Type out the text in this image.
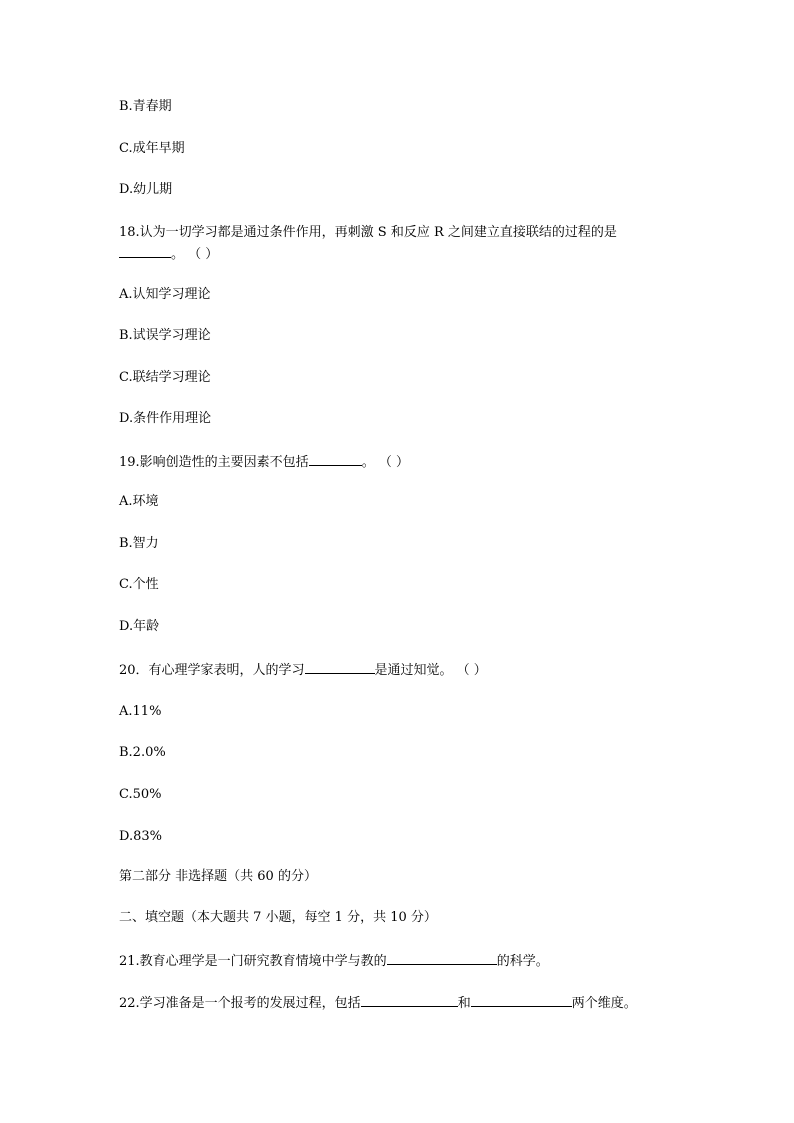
B.青春期
C.成年早期
D.幼儿期
18.认为一切学习都是通过条件作用，再刺激 S 和反应 R 之间建立直接联结的过程的是
。 （ ）
A.认知学习理论
B.试误学习理论
C.联结学习理论
D.条件作用理论
19.影响创造性的主要因素不包括	。 （ ）
A.环境
B.智力
C.个性
D.年龄
20．有心理学家表明，人的学习	是通过知觉。 （ ）
A.11%
B.2.0%
C.50%
D.83%
第二部分 非选择题（共 60 的分）
二、填空题（本大题共 7 小题，每空 1 分，共 10 分）
21.教育心理学是一门研究教育情境中学与教的	的科学。
22.学习准备是一个报考的发展过程，包括	和	两个维度。
